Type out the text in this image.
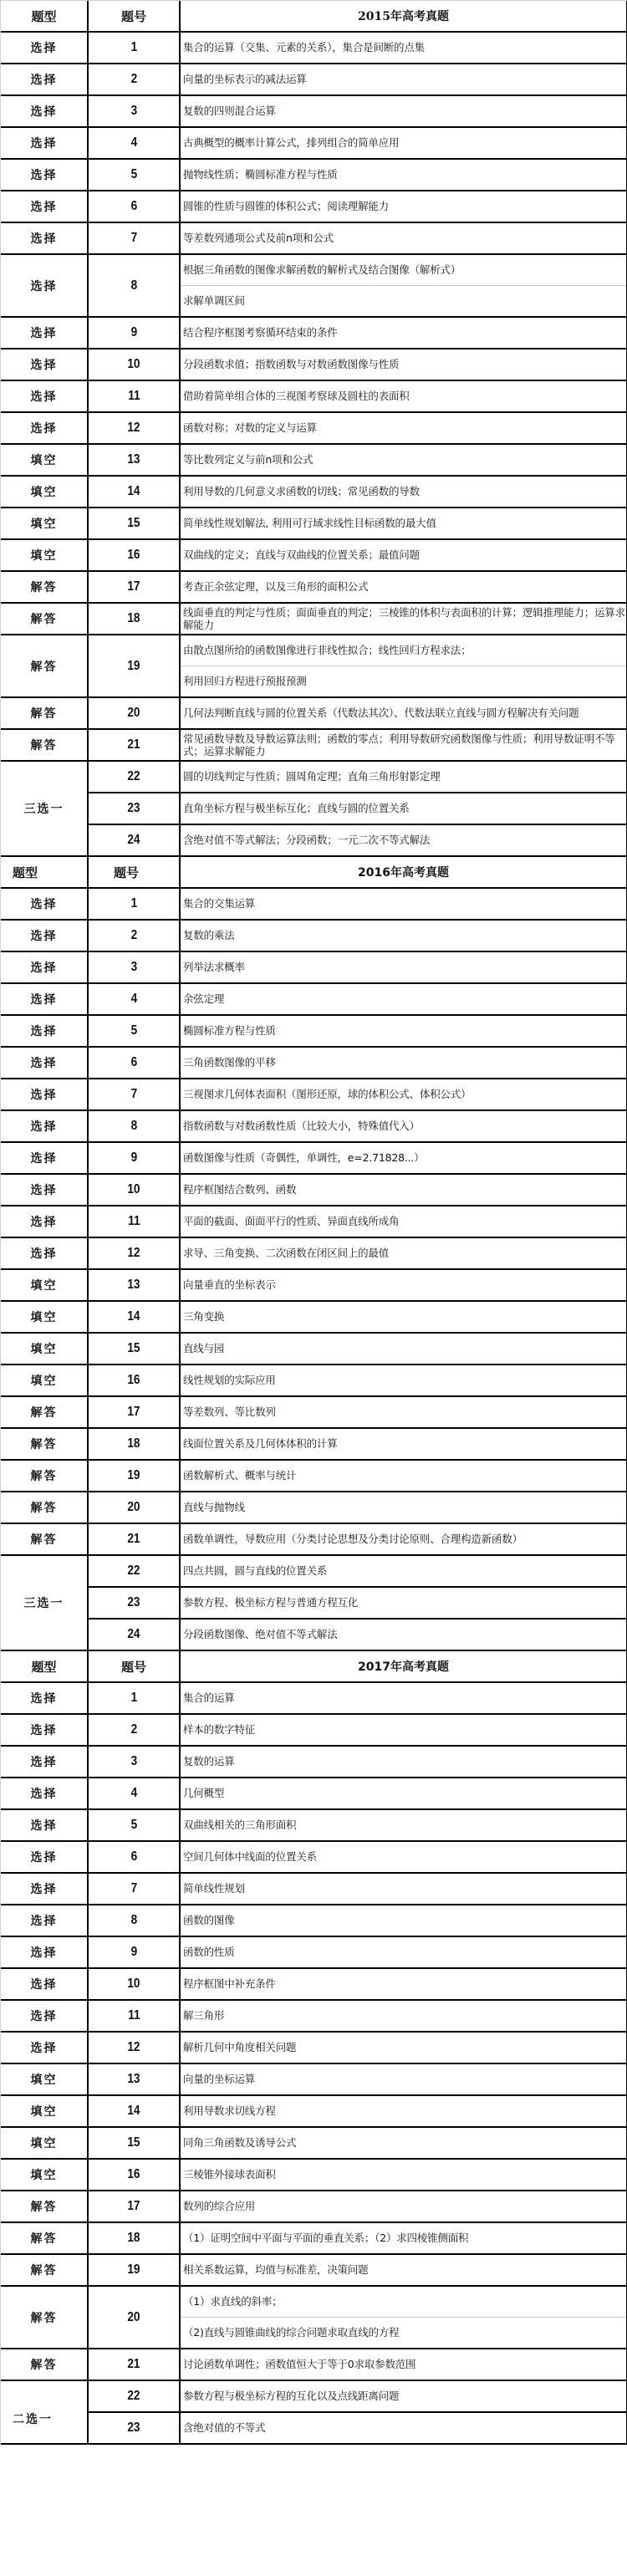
题型	题号	2015年高考真题
选择	1	集合的运算（交集、元素的关系），集合是间断的点集
选择	2	向量的坐标表示的减法运算
选择	3	复数的四则混合运算
选择	4	古典概型的概率计算公式，排列组合的简单应用
选择	5	抛物线性质；椭圆标准方程与性质
选择	6	圆锥的性质与圆锥的体积公式；阅读理解能力
选择	7	等差数列通项公式及前n项和公式
选择	8	根据三角函数的图像求解函数的解析式及结合图像（解析式）
		求解单调区间
选择	9	结合程序框图考察循环结束的条件
选择	10	分段函数求值；指数函数与对数函数图像与性质
选择	11	借助着简单组合体的三视图考察球及圆柱的表面积
选择	12	函数对称；对数的定义与运算
填空	13	等比数列定义与前n项和公式
填空	14	利用导数的几何意义求函数的切线；常见函数的导数
填空	15	简单线性规划解法, 利用可行域求线性目标函数的最大值
填空	16	双曲线的定义；直线与双曲线的位置关系；最值问题
解答	17	考查正余弦定理，以及三角形的面积公式
解答	18	线面垂直的判定与性质；面面垂直的判定；三棱锥的体积与表面积的计算；逻辑推理能力；运算求解能力
解答	19	由散点图所给的函数图像进行非线性拟合；线性回归方程求法；
		利用回归方程进行预报预测
解答	20	几何法判断直线与圆的位置关系（代数法其次）、代数法联立直线与圆方程解决有关问题
解答	21	常见函数导数及导数运算法则；函数的零点；利用导数研究函数图像与性质；利用导数证明不等式；运算求解能力
三选一	22	圆的切线判定与性质；圆周角定理；直角三角形射影定理
	23	直角坐标方程与极坐标互化；直线与圆的位置关系
	24	含绝对值不等式解法；分段函数；一元二次不等式解法
题型	题号	2016年高考真题
选择	1	集合的交集运算
选择	2	复数的乘法
选择	3	列举法求概率
选择	4	余弦定理
选择	5	椭圆标准方程与性质
选择	6	三角函数图像的平移
选择	7	三视图求几何体表面积（图形还原，球的体积公式、体积公式）
选择	8	指数函数与对数函数性质（比较大小，特殊值代入）
选择	9	函数图像与性质（奇偶性，单调性，e=2.71828...）
选择	10	程序框图结合数列、函数
选择	11	平面的截面、面面平行的性质、异面直线所成角
选择	12	求导、三角变换、二次函数在闭区间上的最值
填空	13	向量垂直的坐标表示
填空	14	三角变换
填空	15	直线与园
填空	16	线性规划的实际应用
解答	17	等差数列、等比数列
解答	18	线面位置关系及几何体体积的计算
解答	19	函数解析式、概率与统计
解答	20	直线与抛物线
解答	21	函数单调性，导数应用（分类讨论思想及分类讨论原则、合理构造新函数）
三选一	22	四点共圆，圆与直线的位置关系
	23	参数方程、极坐标方程与普通方程互化
	24	分段函数图像、绝对值不等式解法
题型	题号	2017年高考真题
选择	1	集合的运算
选择	2	样本的数字特征
选择	3	复数的运算
选择	4	几何概型
选择	5	双曲线相关的三角形面积
选择	6	空间几何体中线面的位置关系
选择	7	简单线性规划
选择	8	函数的图像
选择	9	函数的性质
选择	10	程序框图中补充条件
选择	11	解三角形
选择	12	解析几何中角度相关问题
填空	13	向量的坐标运算
填空	14	利用导数求切线方程
填空	15	同角三角函数及诱导公式
填空	16	三棱锥外接球表面积
解答	17	数列的综合应用
解答	18	（1）证明空间中平面与平面的垂直关系；（2）求四棱锥侧面积
解答	19	相关系数运算，均值与标准差，决策问题
解答	20	（1）求直线的斜率；
		（2)直线与圆锥曲线的综合问题求取直线的方程
解答	21	讨论函数单调性；函数值恒大于等于0求取参数范围
二选一	22	参数方程与极坐标方程的互化以及点线距离问题
	23	含绝对值的不等式
